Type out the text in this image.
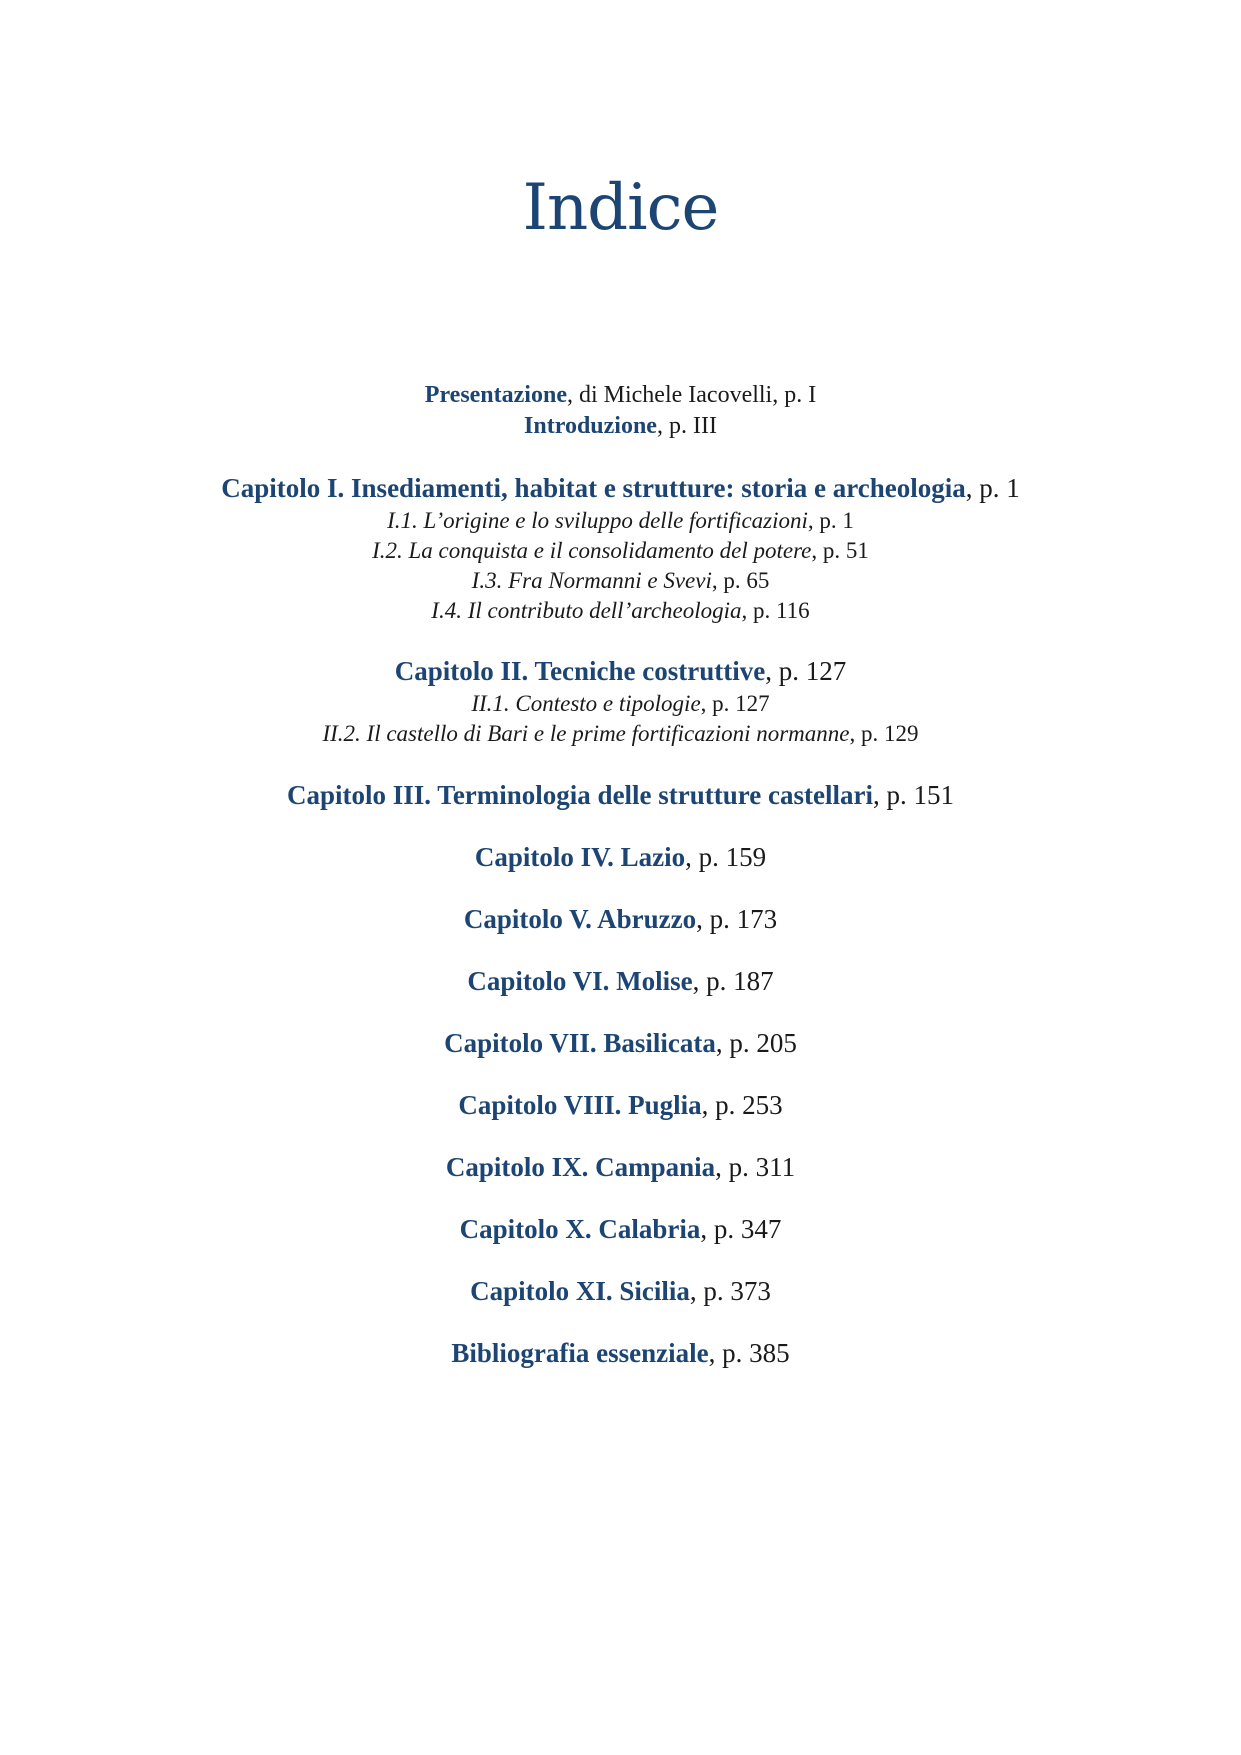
Indice
Presentazione, di Michele Iacovelli, p. I
Introduzione, p. III
Capitolo I. Insediamenti, habitat e strutture: storia e archeologia, p. 1
I.1. L’origine e lo sviluppo delle fortificazioni, p. 1
I.2. La conquista e il consolidamento del potere, p. 51
I.3. Fra Normanni e Svevi, p. 65
I.4. Il contributo dell’archeologia, p. 116
Capitolo II. Tecniche costruttive, p. 127
II.1. Contesto e tipologie, p. 127
II.2. Il castello di Bari e le prime fortificazioni normanne, p. 129
Capitolo III. Terminologia delle strutture castellari, p. 151
Capitolo IV. Lazio, p. 159
Capitolo V. Abruzzo, p. 173
Capitolo VI. Molise, p. 187
Capitolo VII. Basilicata, p. 205
Capitolo VIII. Puglia, p. 253
Capitolo IX. Campania, p. 311
Capitolo X. Calabria, p. 347
Capitolo XI. Sicilia, p. 373
Bibliografia essenziale, p. 385
